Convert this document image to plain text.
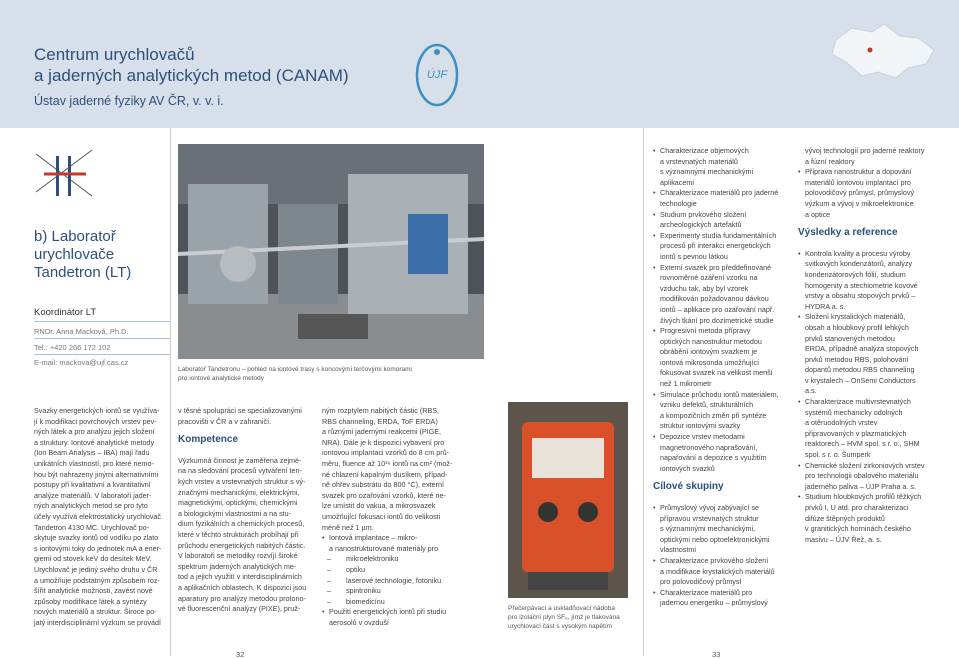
Centrum urychlovačů
a jaderných analytických metod (CANAM)
Ústav jaderné fyziky AV ČR, v. v. i.
ÚJF
b) Laboratoř
urychlovače
Tandetron (LT)
Koordinátor LT
RNDr. Anna Macková, Ph.D.
Tel.: +420 266 172 102
E-mail: mackova@ujf.cas.cz
Laboratoř Tandetronu – pohled na iontové trasy s koncovými terčovými komorami
pro iontové analytické metody

Svazky energetických iontů se využíva-
jí k modifikaci povrchových vrstev pev-
ných látek a pro analýzu jejich složení
a struktury. Iontové analytické metody
(Ion Beam Analysis – IBA) mají řadu
unikátních vlastností, pro které nemo-
hou být nahrazeny jinými alternativními
postupy při kvalitativní a kvantitativní
analýze materiálů. V laboratoři jader-
ných analytických metod se pro tyto
účely využívá elektrostatický urychlovač
Tandetron 4130 MC. Urychlovač po-
skytuje svazky iontů od vodíku po zlato
s iontovými toky do jednotek mA a ener-
giemi od stovek keV do desítek MeV.
Urychlovač je jediný svého druhu v ČR
a umožňuje podstatným způsobem roz-
šířit analytické možnosti, zavést nové
způsoby modifikace látek a syntézy
nových materiálů a struktur. Široce po-
jatý interdisciplinární výzkum se provádí

v těsné spolupráci se specializovanými
pracovišti v ČR a v zahraničí.

Kompetence

Výzkumná činnost je zaměřena zejmé-
na na sledování procesů vytváření ten-
kých vrstev a vrstevnatých struktur s vý-
značnými mechanickými, elektrickými,
magnetickými, optickými, chemickými
a biologickými vlastnostmi a na stu-
dium fyzikálních a chemických procesů,
které v těchto strukturách probíhají při
průchodu energetických nabitých částic.
V laboratoři se metodiky rozvíjí široké
spektrum jaderných analytických me-
tod a jejich využití v interdisciplinárních
a aplikačních oblastech. K dispozici jsou
aparatury pro analýzy metodou protono-
vé fluorescenční analýzy (PIXE), pruž-

ným rozptylem nabitých částic (RBS,
RBS channeling, ERDA, ToF ERDA)
a různými jadernými reakcemi (PIGE,
NRA). Dále je k dispozici vybavení pro
iontovou implantaci vzorků do 8 cm prů-
měru, fluence až 10¹⁶ iontů na cm² (mož-
né chlazení kapalným dusíkem, případ-
ně ohřev substrátu do 800 °C), externí
svazek pro ozařování vzorků, které ne-
lze umístit do vakua, a mikrosvazek
umožňující fokusaci iontů do velikosti
méně než 1 µm.

• Iontová implantace – mikro-
a nanostrukturované materiály pro
– mikroelektroniku
– optiku
– laserové technologie, fotoniku
– spintroniku
– biomedicínu
• Použití energetických iontů při studiu
aerosolů v ovzduší
Přečerpávací a uskladňovací nádoba
pro izolační plyn SF₆, jímž je tlakována
urychlovací část s vysokým napětím
32
• Charakterizace objemových
a vrstevnatých materiálů
s významnými mechanickými
aplikacemi
• Charakterizace materiálů pro jaderné
technologie
• Studium prvkového složení
archeologických artefaktů
• Experimenty studia fundamentálních
procesů při interakci energetických
iontů s pevnou látkou
• Externí svazek pro předdefinované
rovnoměrné ozáření vzorku na
vzduchu tak, aby byl vzorek
modifikován požadovanou dávkou
iontů – aplikace pro ozařování např.
živých tkání pro dozimetrické studie
• Progresivní metoda přípravy
optických nanostruktur metodou
obrábění iontovým svazkem je
iontová mikrosonda umožňující
fokusovat svazek na velikost menší
než 1 mikrometr
• Simulace průchodu iontů materiálem,
vzniku defektů, strukturálních
a kompozičních změn při syntéze
struktur iontovými svazky
• Depozice vrstev metodami
magnetronového naprašování,
napařování a depozice s využitím
iontových svazků
Cílové skupiny
• Průmyslový vývoj zabývající se
přípravou vrstevnatých struktur
s významnými mechanickými,
optickými nebo optoelektronickými
vlastnostmi
• Charakterizace prvkového složení
a modifikace krystalických materiálů
pro polovodičový průmysl
• Charakterizace materiálů pro
jadernou energetiku – průmyslový

vývoj technologií pro jaderné reaktory
a fúzní reaktory

• Příprava nanostruktur a dopování
materiálů iontovou implantací pro
polovodičový průmysl, průmyslový
výzkum a vývoj v mikroelektronice
a optice
Výsledky a reference
• Kontrola kvality a procesu výroby
svitkových kondenzátorů, analýzy
kondenzátorových fólií, studium
homogenity a stechiometrie kovové
vrstvy a obsahu stopových prvků –
HYDRA a. s.
• Složení krystalických materiálů,
obsah a hloubkový profil lehkých
prvků stanovených metodou
ERDA, případně analýza stopových
prvků metodou RBS, polohování
dopantů metodou RBS channeling
v krystalech – OnSemi Conductors
a.s.
• Charakterizace multivrstevnatých
systémů mechanicky odolných
a otěruodolných vrstev
připravovaných v plazmatických
reaktorech – HVM spol. s r. o., SHM
spol. s r. o. Šumperk
• Chemické složení zirkoniových vrstev
pro technologii obalového materiálu
jaderného paliva – ÚJP Praha a. s.
• Studium hloubkových profilů těžkých
prvků I, U atd. pro charakterizaci
difúze štěpných produktů
v granitických horninách českého
masivu – ÚJV Řež, a. s.
33
